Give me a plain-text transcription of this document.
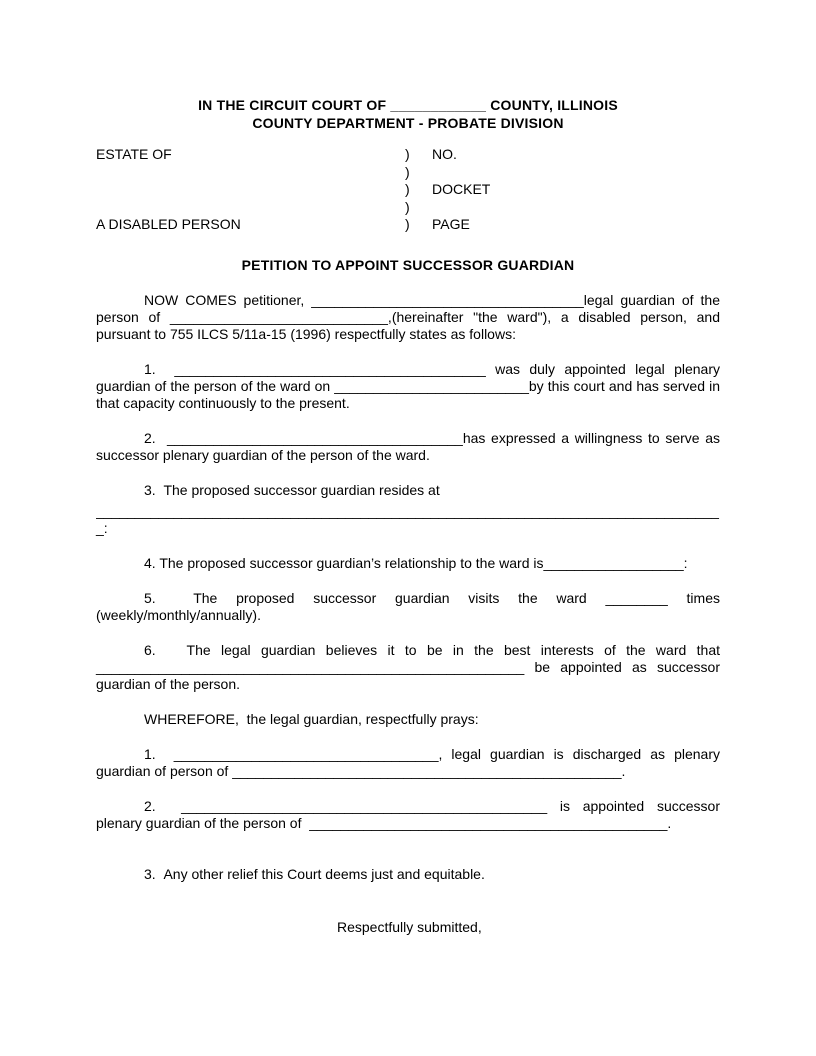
IN THE CIRCUIT COURT OF ____________ COUNTY, ILLINOIS
COUNTY DEPARTMENT - PROBATE DIVISION
ESTATE OF	)	NO.
)
)	DOCKET
)
A DISABLED PERSON	)	PAGE
PETITION TO APPOINT SUCCESSOR GUARDIAN

NOW COMES petitioner, ___________________________________legal guardian of the person of ____________________________,(hereinafter "the ward"), a disabled person, and pursuant to 755 ILCS 5/11a-15 (1996) respectfully states as follows:

1.  ________________________________________ was duly appointed legal plenary guardian of the person of the ward on _________________________by this court and has served in that capacity continuously to the present.

2.  ______________________________________has expressed a willingness to serve as successor plenary guardian of the person of the ward.

3.  The proposed successor guardian resides at

________________________________________________________________________________

_:

4. The proposed successor guardian’s relationship to the ward is__________________:

5.  The proposed successor guardian visits the ward ________ times (weekly/monthly/annually).

6.   The legal guardian believes it to be in the best interests of the ward that _______________________________________________________ be appointed as successor guardian of the person.

WHEREFORE,  the legal guardian, respectfully prays:

1.  __________________________________, legal guardian is discharged as plenary guardian of person of __________________________________________________.

2.  _______________________________________________ is appointed successor plenary guardian of the person of  ______________________________________________.

3.  Any other relief this Court deems just and equitable.

Respectfully submitted,
